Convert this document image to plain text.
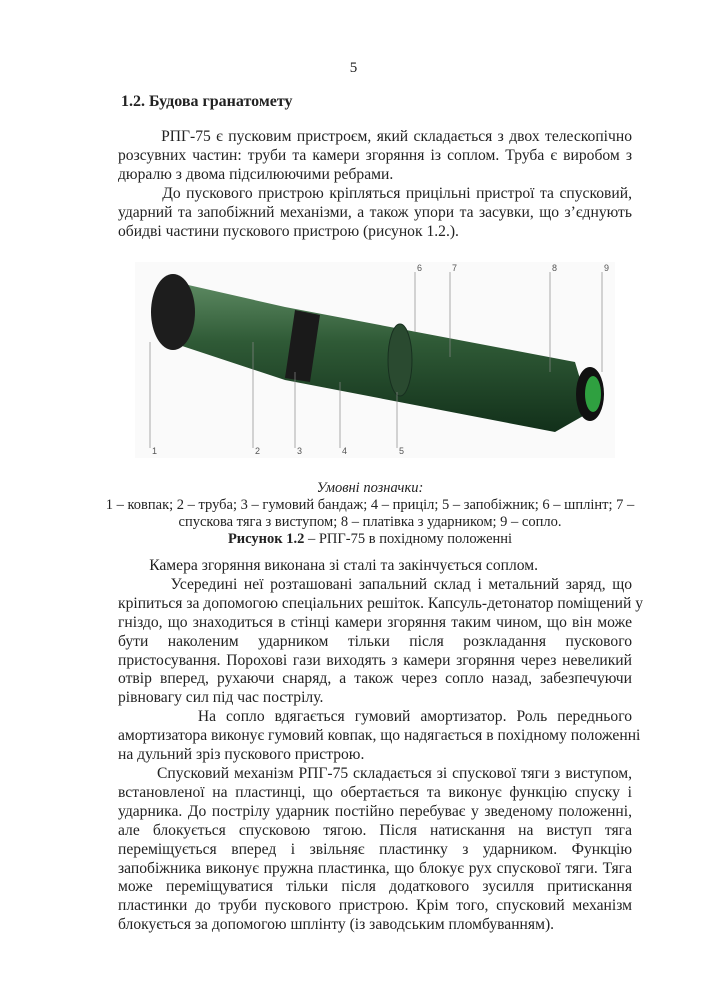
5
1.2. Будова гранатомету
РПГ-75 є пусковим пристроєм, який складається з двох телескопічно
розсувних частин: труби та камери згоряння із соплом. Труба є виробом з
дюралю з двома підсилюючими ребрами.
До пускового пристрою кріпляться прицільні пристрої та спусковий,
ударний та запобіжний механізми, а також упори та засувки, що з’єднують
обидві частини пускового пристрою (рисунок 1.2.).
1	2	3	4	5
6	7	8	9
Умовні позначки:
1 – ковпак; 2 – труба; 3 – гумовий бандаж; 4 – приціл; 5 – запобіжник; 6 – шплінт; 7 –
спускова тяга з виступом; 8 – платівка з ударником; 9 – сопло.
Рисунок 1.2 – РПГ-75 в похідному положенні
Камера згоряння виконана зі сталі та закінчується соплом.
Усередині неї розташовані запальний склад і метальний заряд, що
кріпиться за допомогою спеціальних решіток. Капсуль-детонатор поміщений у
гніздо, що знаходиться в стінці камери згоряння таким чином, що він може
бути наколеним ударником тільки після розкладання пускового
пристосування. Порохові гази виходять з камери згоряння через невеликий
отвір вперед, рухаючи снаряд, а також через сопло назад, забезпечуючи
рівновагу сил під час пострілу.
На сопло вдягається гумовий амортизатор. Роль переднього
амортизатора виконує гумовий ковпак, що надягається в похідному положенні
на дульний зріз пускового пристрою.
Спусковий механізм РПГ-75 складається зі спускової тяги з виступом,
встановленої на пластинці, що обертається та виконує функцію спуску і
ударника. До пострілу ударник постійно перебуває у зведеному положенні,
але блокується спусковою тягою. Після натискання на виступ тяга
переміщується вперед і звільняє пластинку з ударником. Функцію
запобіжника виконує пружна пластинка, що блокує рух спускової тяги. Тяга
може переміщуватися тільки після додаткового зусилля притискання
пластинки до труби пускового пристрою. Крім того, спусковий механізм
блокується за допомогою шплінту (із заводським пломбуванням).
